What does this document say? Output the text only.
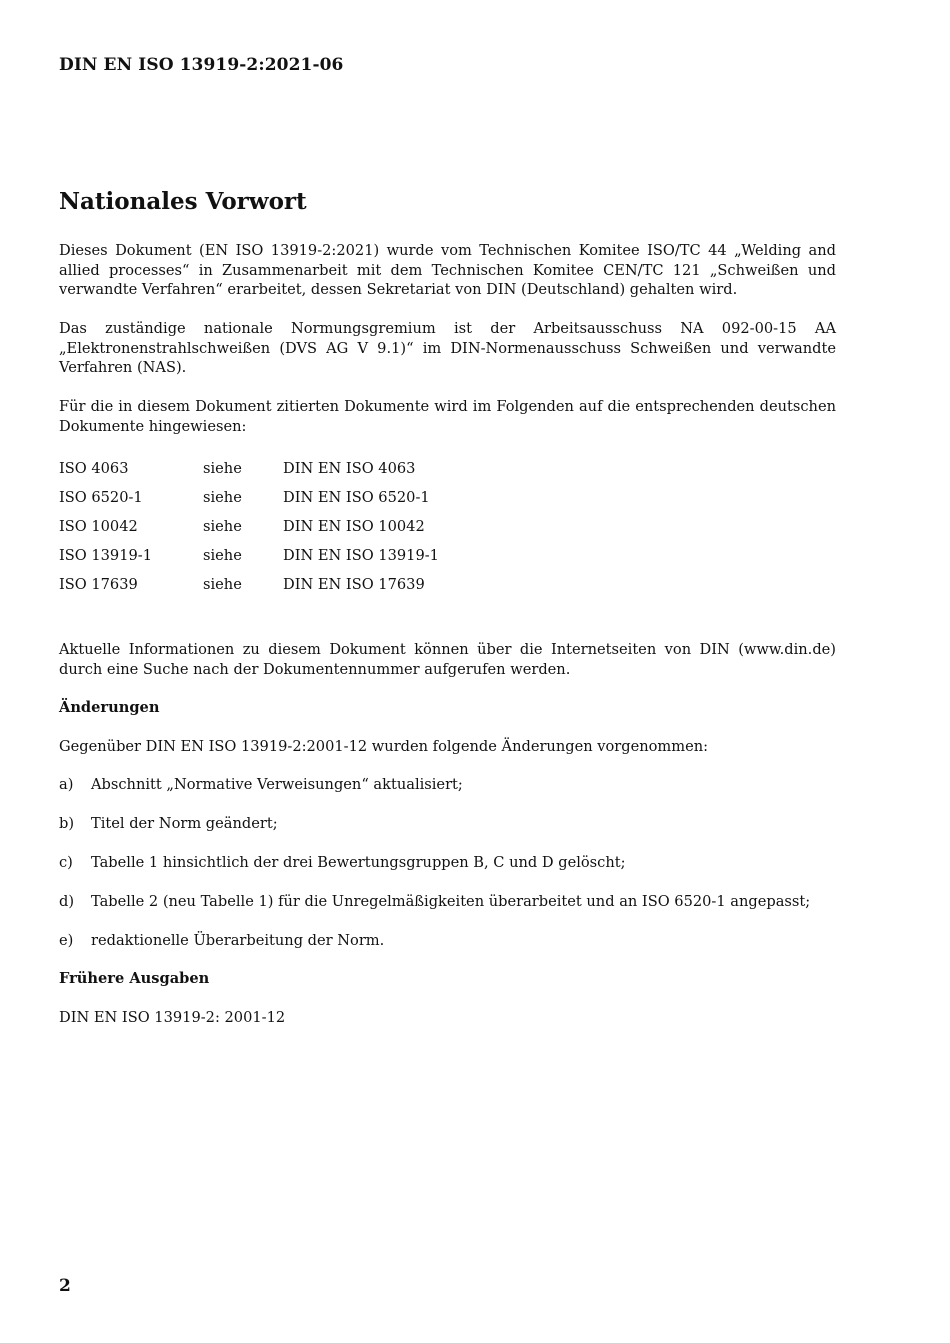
DIN EN ISO 13919-2:2021-06
Nationales Vorwort

Dieses Dokument (EN ISO 13919-2:2021) wurde vom Technischen Komitee ISO/TC 44 „Welding and allied processes“ in Zusammenarbeit mit dem Technischen Komitee CEN/TC 121 „Schweißen und verwandte Verfahren“ erarbeitet, dessen Sekretariat von DIN (Deutschland) gehalten wird.

Das zuständige nationale Normungsgremium ist der Arbeitsausschuss NA 092-00-15 AA „Elektronenstrahlschweißen (DVS AG V 9.1)“ im DIN-Normenausschuss Schweißen und verwandte Verfahren (NAS).

Für die in diesem Dokument zitierten Dokumente wird im Folgenden auf die entsprechenden deutschen Dokumente hingewiesen:

ISO 4063	siehe	DIN EN ISO 4063
ISO 6520-1	siehe	DIN EN ISO 6520-1
ISO 10042	siehe	DIN EN ISO 10042
ISO 13919-1	siehe	DIN EN ISO 13919-1
ISO 17639	siehe	DIN EN ISO 17639

Aktuelle Informationen zu diesem Dokument können über die Internetseiten von DIN (www.din.de) durch eine Suche nach der Dokumentennummer aufgerufen werden.

Änderungen

Gegenüber DIN EN ISO 13919-2:2001-12 wurden folgende Änderungen vorgenommen:

a)	Abschnitt „Normative Verweisungen“ aktualisiert;
b)	Titel der Norm geändert;
c)	Tabelle 1 hinsichtlich der drei Bewertungsgruppen B, C und D gelöscht;
d)	Tabelle 2 (neu Tabelle 1) für die Unregelmäßigkeiten überarbeitet und an ISO 6520-1 angepasst;
e)	redaktionelle Überarbeitung der Norm.
Frühere Ausgaben

DIN EN ISO 13919-2: 2001-12

2
